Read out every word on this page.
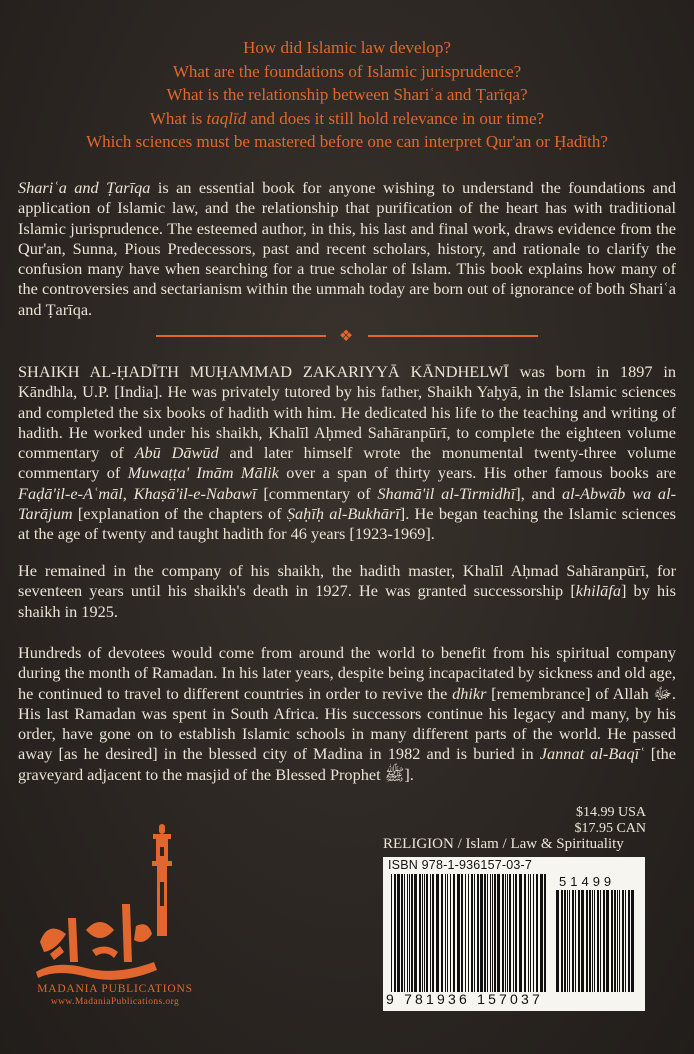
How did Islamic law develop?
What are the foundations of Islamic jurisprudence?
What is the relationship between Shariʿa and Ṭarīqa?
What is taqlīd and does it still hold relevance in our time?
Which sciences must be mastered before one can interpret Qur'an or Ḥadīth?
Shariʿa and Ṭarīqa is an essential book for anyone wishing to understand the foundations and application of Islamic law, and the relationship that purification of the heart has with traditional Islamic jurisprudence. The esteemed author, in this, his last and final work, draws evidence from the Qur'an, Sunna, Pious Predecessors, past and recent scholars, history, and rationale to clarify the confusion many have when searching for a true scholar of Islam. This book explains how many of the controversies and sectarianism within the ummah today are born out of ignorance of both Shariʿa and Ṭarīqa.
❖
SHAIKH AL-ḤADĪTH MUḤAMMAD ZAKARIYYĀ KĀNDHELWĪ was born in 1897 in Kāndhla, U.P. [India]. He was privately tutored by his father, Shaikh Yaḥyā, in the Islamic sciences and completed the six books of hadith with him. He dedicated his life to the teaching and writing of hadith. He worked under his shaikh, Khalīl Aḥmed Sahāranpūrī, to complete the eighteen volume commentary of Abū Dāwūd and later himself wrote the monumental twenty-three volume commentary of Muwaṭṭa' Imām Mālik over a span of thirty years. His other famous books are Faḍā'il-e-Aʿmāl, Khaṣā'il-e-Nabawī [commentary of Shamā'il al-Tirmidhī], and al-Abwāb wa al-Tarājum [explanation of the chapters of Ṣaḥīḥ al-Bukhārī]. He began teaching the Islamic sciences at the age of twenty and taught hadith for 46 years [1923-1969].
He remained in the company of his shaikh, the hadith master, Khalīl Aḥmad Sahāranpūrī, for seventeen years until his shaikh's death in 1927. He was granted successorship [khilāfa] by his shaikh in 1925.
Hundreds of devotees would come from around the world to benefit from his spiritual company during the month of Ramadan. In his later years, despite being incapacitated by sickness and old age, he continued to travel to different countries in order to revive the dhikr [remembrance] of Allah ﷻ. His last Ramadan was spent in South Africa. His successors continue his legacy and many, by his order, have gone on to establish Islamic schools in many different parts of the world. He passed away [as he desired] in the blessed city of Madina in 1982 and is buried in Jannat al-Baqīʿ [the graveyard adjacent to the masjid of the Blessed Prophet ﷺ].
MADANIA PUBLICATIONS
www.MadaniaPublications.org
$14.99 USA
$17.95 CAN
RELIGION / Islam / Law & Spirituality
ISBN 978-1-936157-03-7
51499
9 781936 157037
